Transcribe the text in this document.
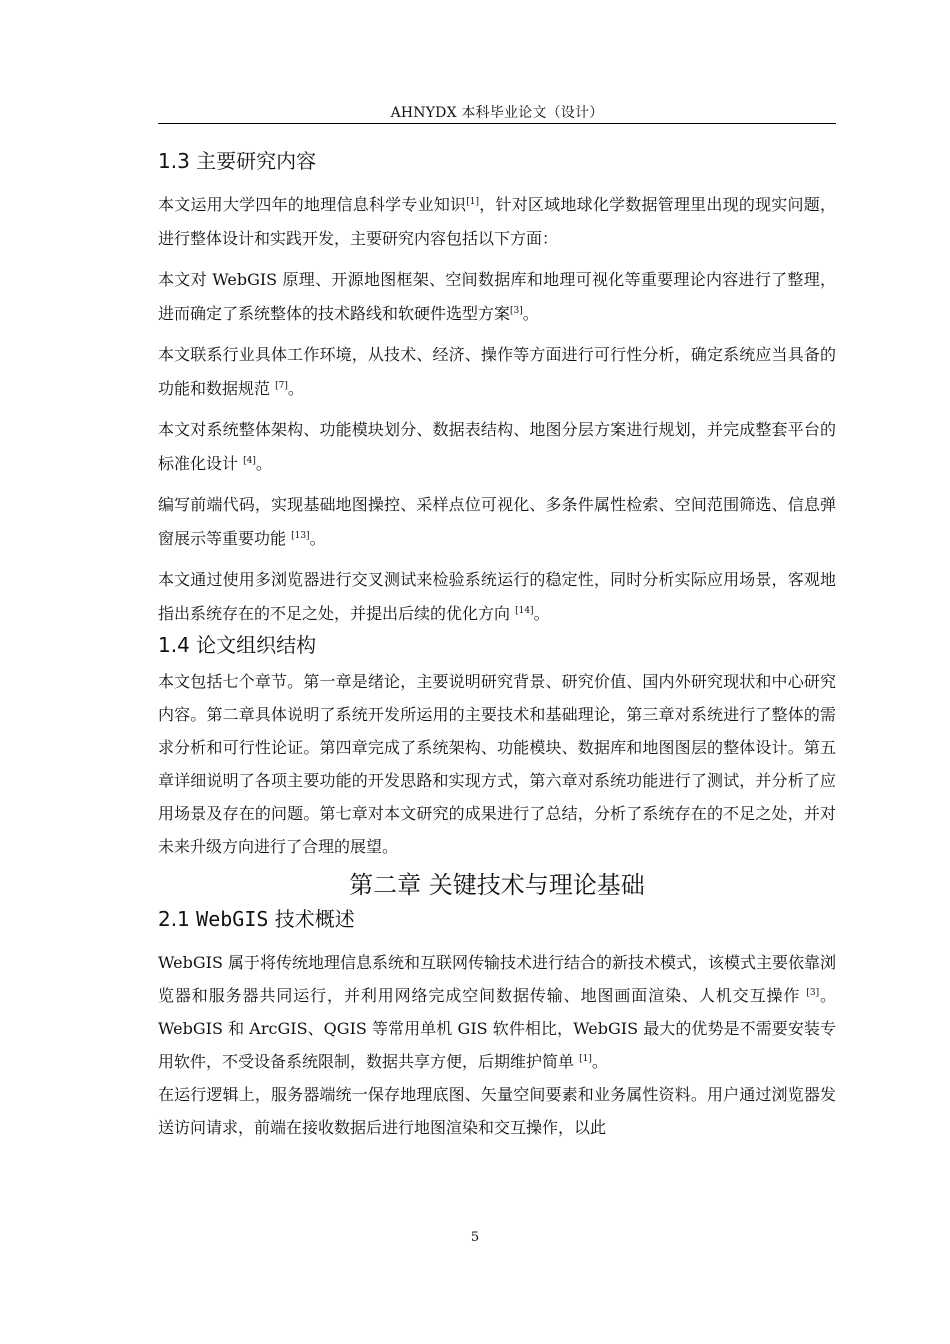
AHNYDX 本科毕业论文（设计）
1.3 主要研究内容

本文运用大学四年的地理信息科学专业知识[1]，针对区域地球化学数据管理里出现的现实问题，进行整体设计和实践开发，主要研究内容包括以下方面：

本文对 WebGIS 原理、开源地图框架、空间数据库和地理可视化等重要理论内容进行了整理，进而确定了系统整体的技术路线和软硬件选型方案[3]。

本文联系行业具体工作环境，从技术、经济、操作等方面进行可行性分析，确定系统应当具备的功能和数据规范 [7]。

本文对系统整体架构、功能模块划分、数据表结构、地图分层方案进行规划，并完成整套平台的标准化设计 [4]。

编写前端代码，实现基础地图操控、采样点位可视化、多条件属性检索、空间范围筛选、信息弹窗展示等重要功能 [13]。

本文通过使用多浏览器进行交叉测试来检验系统运行的稳定性，同时分析实际应用场景，客观地指出系统存在的不足之处，并提出后续的优化方向 [14]。

1.4 论文组织结构

本文包括七个章节。第一章是绪论，主要说明研究背景、研究价值、国内外研究现状和中心研究内容。第二章具体说明了系统开发所运用的主要技术和基础理论，第三章对系统进行了整体的需求分析和可行性论证。第四章完成了系统架构、功能模块、数据库和地图图层的整体设计。第五章详细说明了各项主要功能的开发思路和实现方式，第六章对系统功能进行了测试，并分析了应用场景及存在的问题。第七章对本文研究的成果进行了总结，分析了系统存在的不足之处，并对未来升级方向进行了合理的展望。

第二章 关键技术与理论基础
2.1 WebGIS 技术概述

WebGIS 属于将传统地理信息系统和互联网传输技术进行结合的新技术模式，该模式主要依靠浏览器和服务器共同运行，并利用网络完成空间数据传输、地图画面渲染、人机交互操作 [3]。WebGIS 和 ArcGIS、QGIS 等常用单机 GIS 软件相比，WebGIS 最大的优势是不需要安装专用软件，不受设备系统限制，数据共享方便，后期维护简单 [1]。

在运行逻辑上，服务器端统一保存地理底图、矢量空间要素和业务属性资料。用户通过浏览器发送访问请求，前端在接收数据后进行地图渲染和交互操作，以此

5
